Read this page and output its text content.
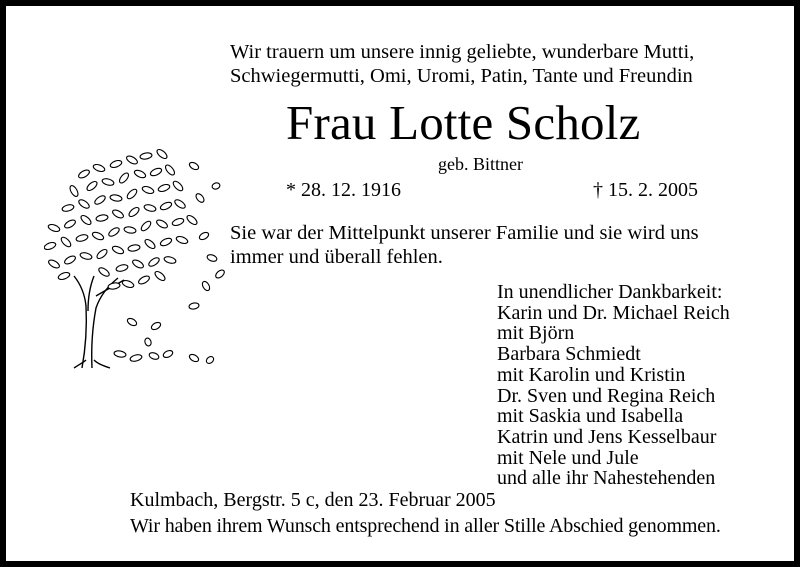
Wir trauern um unsere innig geliebte, wunderbare Mutti,
Schwiegermutti, Omi, Uromi, Patin, Tante und Freundin
Frau Lotte Scholz
geb. Bittner
* 28. 12. 1916	† 15. 2. 2005
Sie war der Mittelpunkt unserer Familie und sie wird uns
immer und überall fehlen.
In unendlicher Dankbarkeit:
Karin und Dr. Michael Reich
mit Björn
Barbara Schmiedt
mit Karolin und Kristin
Dr. Sven und Regina Reich
mit Saskia und Isabella
Katrin und Jens Kesselbaur
mit Nele und Jule
und alle ihr Nahestehenden
Kulmbach, Bergstr. 5 c, den 23. Februar 2005
Wir haben ihrem Wunsch entsprechend in aller Stille Abschied genommen.
